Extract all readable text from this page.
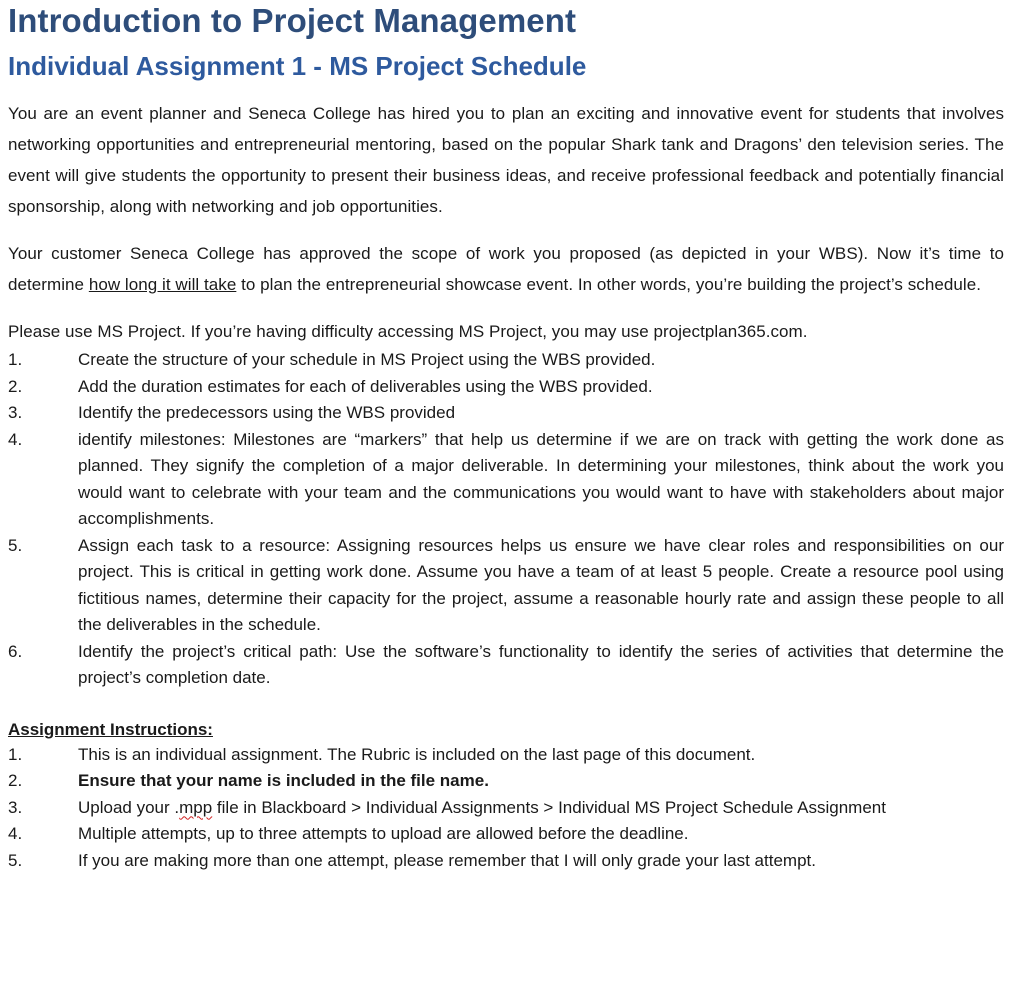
Introduction to Project Management
Individual Assignment 1 - MS Project Schedule

You are an event planner and Seneca College has hired you to plan an exciting and innovative event for students that involves networking opportunities and entrepreneurial mentoring, based on the popular Shark tank and Dragons’ den television series. The event will give students the opportunity to present their business ideas, and receive professional feedback and potentially financial sponsorship, along with networking and job opportunities.

Your customer Seneca College has approved the scope of work you proposed (as depicted in your WBS). Now it’s time to determine how long it will take to plan the entrepreneurial showcase event. In other words, you’re building the project’s schedule.

Please use MS Project. If you’re having difficulty accessing MS Project, you may use projectplan365.com.

1.	Create the structure of your schedule in MS Project using the WBS provided.
2.	Add the duration estimates for each of deliverables using the WBS provided.
3.	Identify the predecessors using the WBS provided
4.	identify milestones: Milestones are “markers” that help us determine if we are on track with getting the work done as planned. They signify the completion of a major deliverable. In determining your milestones, think about the work you would want to celebrate with your team and the communications you would want to have with stakeholders about major accomplishments.
5.	Assign each task to a resource: Assigning resources helps us ensure we have clear roles and responsibilities on our project. This is critical in getting work done. Assume you have a team of at least 5 people. Create a resource pool using fictitious names, determine their capacity for the project, assume a reasonable hourly rate and assign these people to all the deliverables in the schedule.
6.	Identify the project’s critical path: Use the software’s functionality to identify the series of activities that determine the project’s completion date.
Assignment Instructions:
1.	This is an individual assignment. The Rubric is included on the last page of this document.
2.	Ensure that your name is included in the file name.
3.	Upload your .mpp file in Blackboard > Individual Assignments > Individual MS Project Schedule Assignment
4.	Multiple attempts, up to three attempts to upload are allowed before the deadline.
5.	If you are making more than one attempt, please remember that I will only grade your last attempt.
